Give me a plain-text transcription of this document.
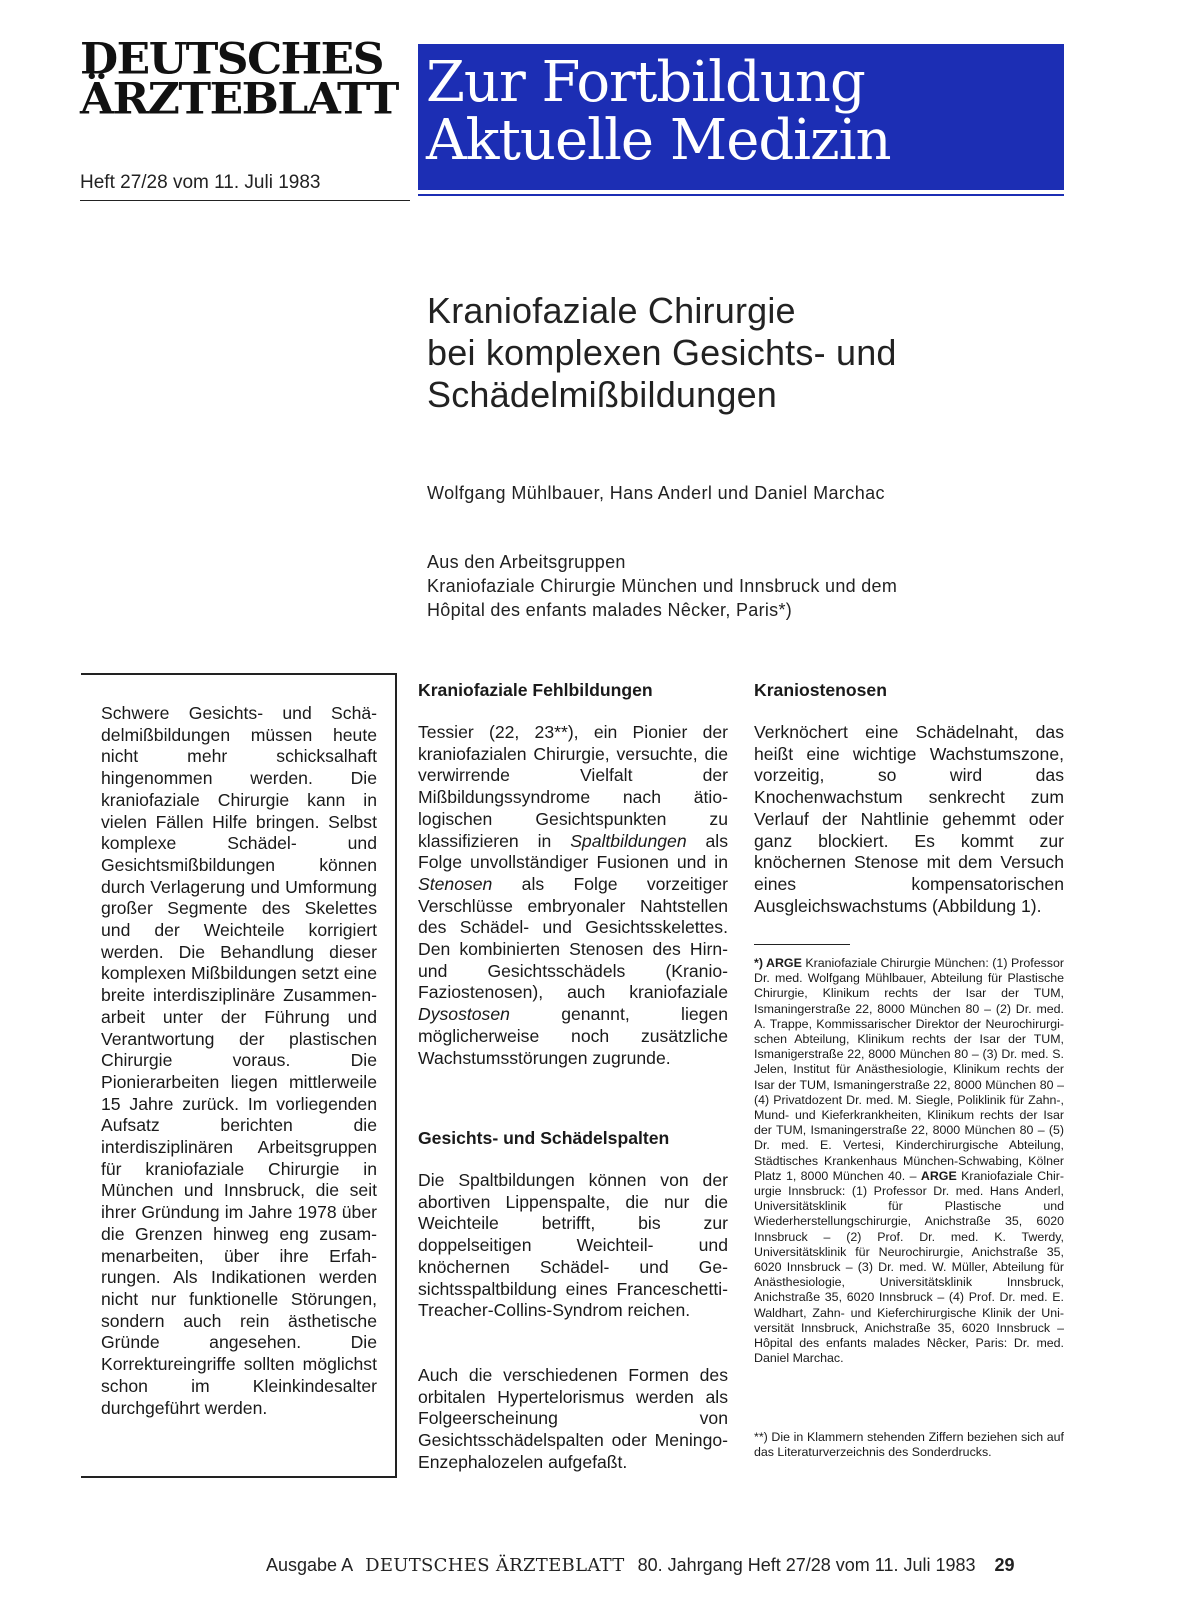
DEUTSCHES
ÄRZTEBLATT
Heft 27/28 vom 11. Juli 1983
Zur Fortbildung
Aktuelle Medizin
Kraniofaziale Chirurgie
bei komplexen Gesichts- und
Schädelmißbildungen
Wolfgang Mühlbauer, Hans Anderl und Daniel Marchac
Aus den Arbeitsgruppen
Kraniofaziale Chirurgie München und Innsbruck und dem
Hôpital des enfants malades Nêcker, Paris*)
Schwere Gesichts- und Schädelmißbildungen müssen heute nicht mehr schicksalhaft hingenommen werden. Die kraniofaziale Chirurgie kann in vielen Fällen Hilfe bringen. Selbst komplexe Schädel- und Gesichtsmißbildungen können durch Verlagerung und Umformung großer Segmente des Skelettes und der Weichteile korrigiert werden. Die Behandlung dieser komplexen Mißbildungen setzt eine breite interdisziplinäre Zusammenarbeit unter der Führung und Verantwortung der plastischen Chirurgie voraus. Die Pionierarbeiten liegen mittlerweile 15 Jahre zurück. Im vorliegenden Aufsatz berichten die interdisziplinären Arbeitsgruppen für kraniofaziale Chirurgie in München und Innsbruck, die seit ihrer Gründung im Jahre 1978 über die Grenzen hinweg eng zusammenarbeiten, über ihre Erfahrungen. Als Indikationen werden nicht nur funktionelle Störungen, sondern auch rein ästhetische Gründe angesehen. Die Korrektureingriffe sollten möglichst schon im Kleinkindesalter durchgeführt werden.
Kraniofaziale Fehlbildungen
Tessier (22, 23**), ein Pionier der kraniofazialen Chirurgie, versuchte, die verwirrende Vielfalt der Mißbildungssyndrome nach ätiologischen Gesichtspunkten zu klassifizieren in Spaltbildungen als Folge unvollständiger Fusionen und in Stenosen als Folge vorzeitiger Verschlüsse embryonaler Nahtstellen des Schädel- und Gesichtsskelettes. Den kombinierten Stenosen des Hirn- und Gesichtsschädels (Kranio-Faziostenosen), auch kraniofaziale Dysostosen genannt, liegen möglicherweise noch zusätzliche Wachstumsstörungen zugrunde.
Gesichts- und Schädelspalten
Die Spaltbildungen können von der abortiven Lippenspalte, die nur die Weichteile betrifft, bis zur doppelseitigen Weichteil- und knöchernen Schädel- und Gesichtsspaltbildung eines Franceschetti-Treacher-Collins-Syndrom reichen.
Auch die verschiedenen Formen des orbitalen Hypertelorismus werden als Folgeerscheinung von Gesichtsschädelspalten oder Meningo-Enzephalozelen aufgefaßt.
Kraniostenosen
Verknöchert eine Schädelnaht, das heißt eine wichtige Wachstumszone, vorzeitig, so wird das Knochenwachstum senkrecht zum Verlauf der Nahtlinie gehemmt oder ganz blockiert. Es kommt zur knöchernen Stenose mit dem Versuch eines kompensatorischen Ausgleichswachstums (Abbildung 1).
*) ARGE Kraniofaziale Chirurgie München: (1) Professor Dr. med. Wolfgang Mühlbauer, Abteilung für Plastische Chirurgie, Klinikum rechts der Isar der TUM, Ismaningerstraße 22, 8000 München 80 – (2) Dr. med. A. Trappe, Kommissarischer Direktor der Neurochirurgischen Abteilung, Klinikum rechts der Isar der TUM, Ismanigerstraße 22, 8000 München 80 – (3) Dr. med. S. Jelen, Institut für Anästhesiologie, Klinikum rechts der Isar der TUM, Ismaningerstraße 22, 8000 München 80 – (4) Privatdozent Dr. med. M. Siegle, Poliklinik für Zahn-, Mund- und Kieferkrankheiten, Klinikum rechts der Isar der TUM, Ismaningerstraße 22, 8000 München 80 – (5) Dr. med. E. Vertesi, Kinderchirurgische Abteilung, Städtisches Krankenhaus München-Schwabing, Kölner Platz 1, 8000 München 40. – ARGE Kraniofaziale Chirurgie Innsbruck: (1) Professor Dr. med. Hans Anderl, Universitätsklinik für Plastische und Wiederherstellungschirurgie, Anichstraße 35, 6020 Innsbruck – (2) Prof. Dr. med. K. Twerdy, Universitätsklinik für Neurochirurgie, Anichstraße 35, 6020 Innsbruck – (3) Dr. med. W. Müller, Abteilung für Anästhesiologie, Universitätsklinik Innsbruck, Anichstraße 35, 6020 Innsbruck – (4) Prof. Dr. med. E. Waldhart, Zahn- und Kieferchirurgische Klinik der Universität Innsbruck, Anichstraße 35, 6020 Innsbruck – Hôpital des enfants malades Nêcker, Paris: Dr. med. Daniel Marchac.
**) Die in Klammern stehenden Ziffern beziehen sich auf das Literaturverzeichnis des Sonderdrucks.
Ausgabe A DEUTSCHES ÄRZTEBLATT 80. Jahrgang Heft 27/28 vom 11. Juli 1983 29
